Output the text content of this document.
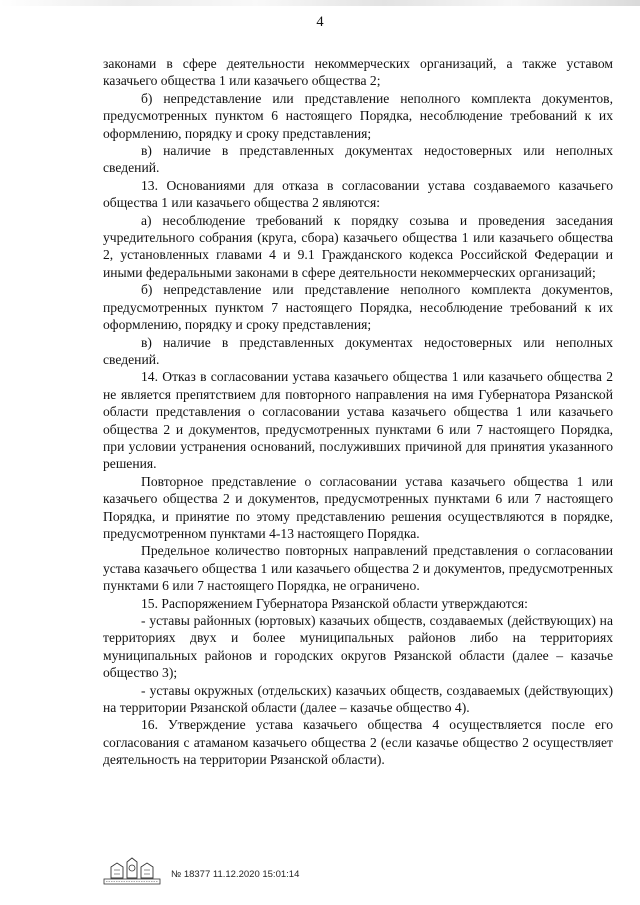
4

законами в сфере деятельности некоммерческих организаций, а также уставом казачьего общества 1 или казачьего общества 2;

б) непредставление или представление неполного комплекта документов, предусмотренных пунктом 6 настоящего Порядка, несоблюдение требований к их оформлению, порядку и сроку представления;

в) наличие в представленных документах недостоверных или неполных сведений.

13. Основаниями для отказа в согласовании устава создаваемого казачьего общества 1 или казачьего общества 2 являются:

а) несоблюдение требований к порядку созыва и проведения заседания учредительного собрания (круга, сбора) казачьего общества 1 или казачьего общества 2, установленных главами 4 и 9.1 Гражданского кодекса Российской Федерации и иными федеральными законами в сфере деятельности некоммерческих организаций;

б) непредставление или представление неполного комплекта документов, предусмотренных пунктом 7 настоящего Порядка, несоблюдение требований к их оформлению, порядку и сроку представления;

в) наличие в представленных документах недостоверных или неполных сведений.

14. Отказ в согласовании устава казачьего общества 1 или казачьего общества 2 не является препятствием для повторного направления на имя Губернатора Рязанской области представления о согласовании устава казачьего общества 1 или казачьего общества 2 и документов, предусмотренных пунктами 6 или 7 настоящего Порядка, при условии устранения оснований, послуживших причиной для принятия указанного решения.

Повторное представление о согласовании устава казачьего общества 1 или казачьего общества 2 и документов, предусмотренных пунктами 6 или 7 настоящего Порядка, и принятие по этому представлению решения осуществляются в порядке, предусмотренном пунктами 4-13 настоящего Порядка.

Предельное количество повторных направлений представления о согласовании устава казачьего общества 1 или казачьего общества 2 и документов, предусмотренных пунктами 6 или 7 настоящего Порядка, не ограничено.

15. Распоряжением Губернатора Рязанской области утверждаются:

- уставы районных (юртовых) казачьих обществ, создаваемых (действующих) на территориях двух и более муниципальных районов либо на территориях муниципальных районов и городских округов Рязанской области (далее – казачье общество 3);

- уставы окружных (отдельских) казачьих обществ, создаваемых (действующих) на территории Рязанской области (далее – казачье общество 4).

16. Утверждение устава казачьего общества 4 осуществляется после его согласования с атаманом казачьего общества 2 (если казачье общество 2 осуществляет деятельность на территории Рязанской области).

№ 18377 11.12.2020 15:01:14
